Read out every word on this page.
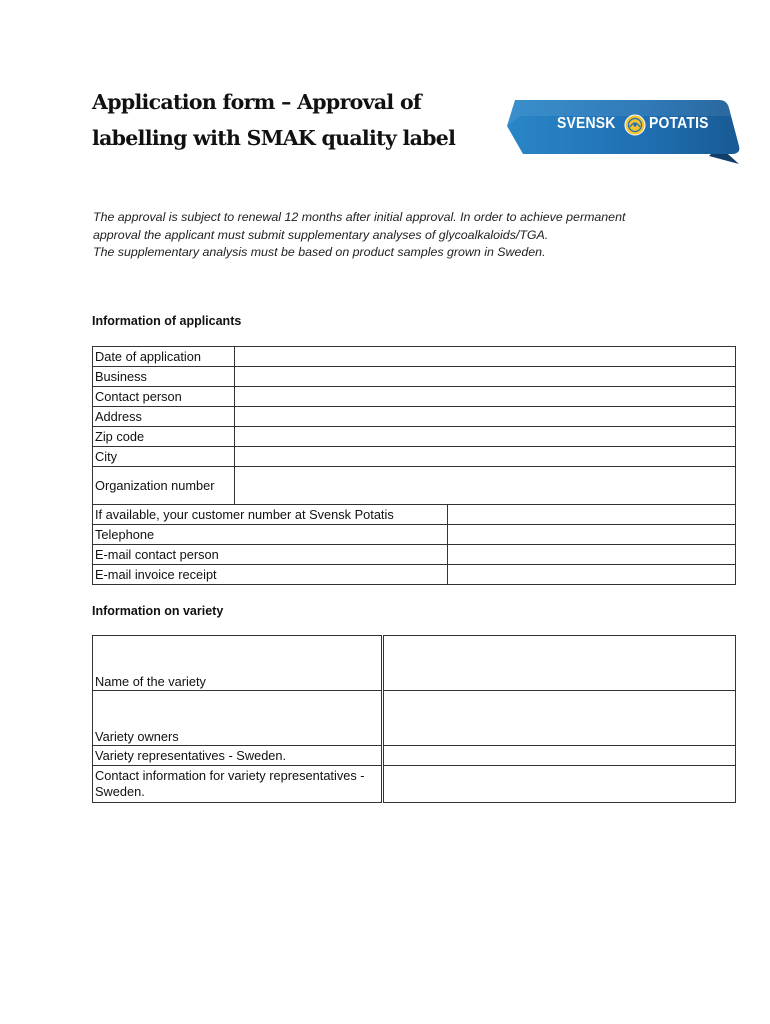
Application form – Approval of
labelling with SMAK quality label
SVENSK POTATIS
The approval is subject to renewal 12 months after initial approval. In order to achieve permanent
approval the applicant must submit supplementary analyses of glycoalkaloids/TGA.
The supplementary analysis must be based on product samples grown in Sweden.
Information of applicants
Date of application	
Business	
Contact person	
Address	
Zip code	
City	
Organization number	
If available, your customer number at Svensk Potatis	
Telephone	
E-mail contact person	
E-mail invoice receipt	
Information on variety
Name of the variety	
Variety owners	
Variety representatives - Sweden.	
Contact information for variety representatives - Sweden.	
